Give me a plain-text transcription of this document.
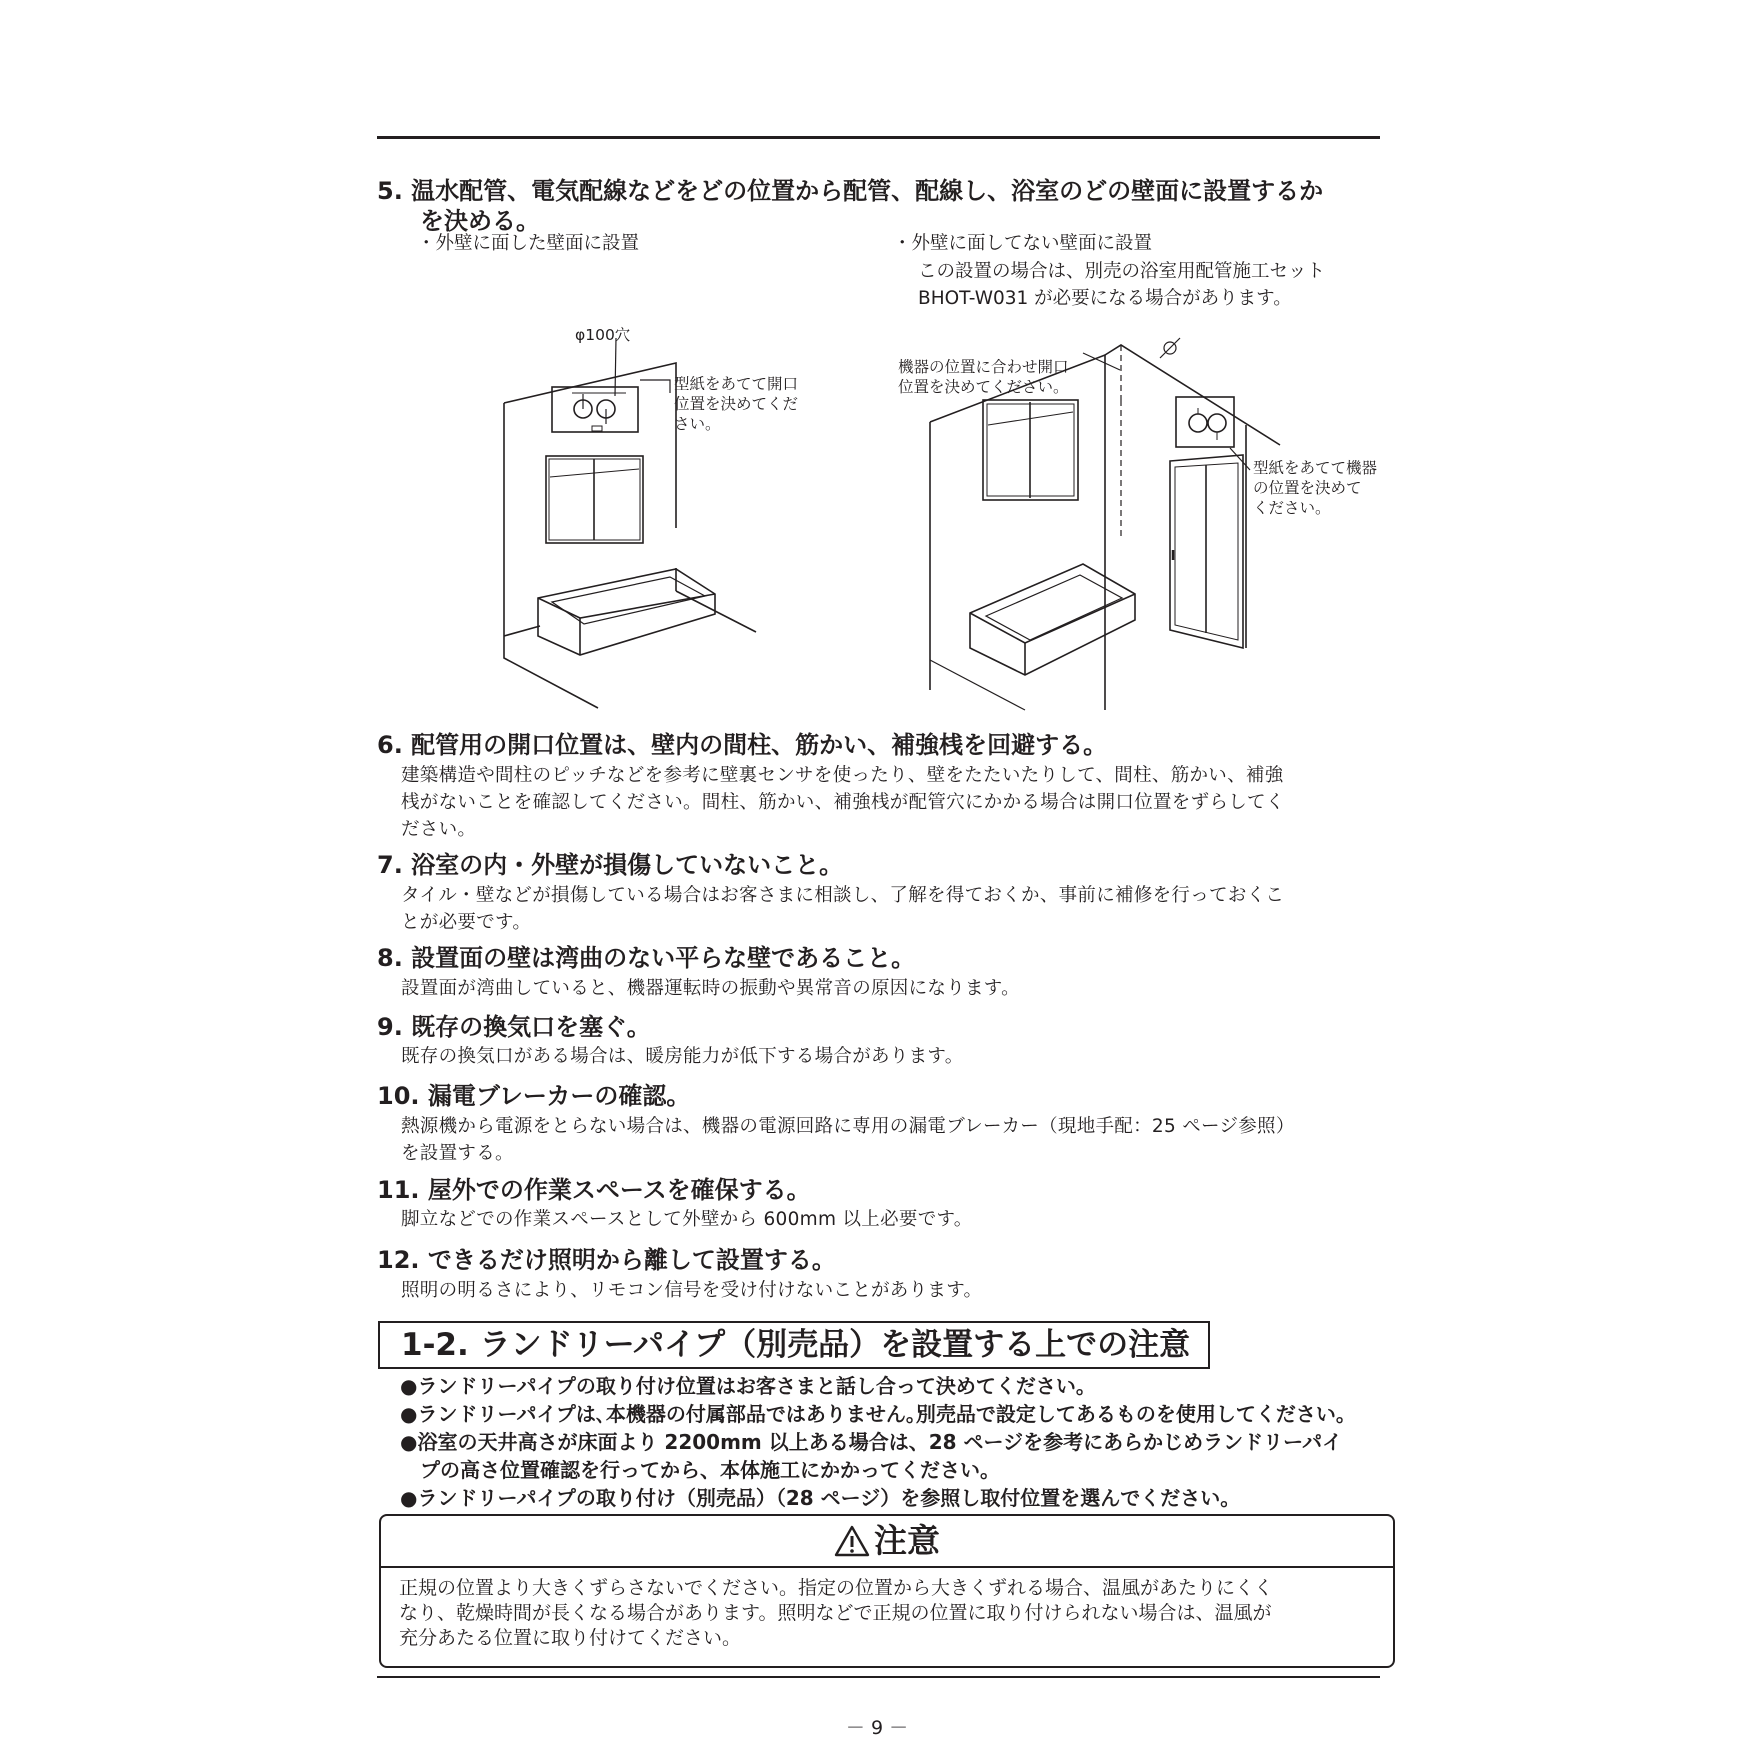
5. 温水配管、電気配線などをどの位置から配管、配線し、浴室のどの壁面に設置するか
を決める。
・外壁に面した壁面に設置	・外壁に面してない壁面に設置
この設置の場合は、別売の浴室用配管施工セット
BHOT-W031 が必要になる場合があります。
φ100穴
型紙をあてて開口
位置を決めてくだ
さい。
機器の位置に合わせ開口
位置を決めてください。
型紙をあてて機器
の位置を決めて
ください。
6. 配管用の開口位置は、壁内の間柱、筋かい、補強桟を回避する。
建築構造や間柱のピッチなどを参考に壁裏センサを使ったり、壁をたたいたりして、間柱、筋かい、補強
桟がないことを確認してください。間柱、筋かい、補強桟が配管穴にかかる場合は開口位置をずらしてく
ださい。
7. 浴室の内・外壁が損傷していないこと。
タイル・壁などが損傷している場合はお客さまに相談し、了解を得ておくか、事前に補修を行っておくこ
とが必要です。
8. 設置面の壁は湾曲のない平らな壁であること。
設置面が湾曲していると、機器運転時の振動や異常音の原因になります。
9. 既存の換気口を塞ぐ。
既存の換気口がある場合は、暖房能力が低下する場合があります。
10. 漏電ブレーカーの確認。
熱源機から電源をとらない場合は、機器の電源回路に専用の漏電ブレーカー（現地手配：25 ページ参照）
を設置する。
11. 屋外での作業スペースを確保する。
脚立などでの作業スペースとして外壁から 600mm 以上必要です。
12. できるだけ照明から離して設置する。
照明の明るさにより、リモコン信号を受け付けないことがあります。
1-2. ランドリーパイプ（別売品）を設置する上での注意
●ランドリーパイプの取り付け位置はお客さまと話し合って決めてください。
●ランドリーパイプは､本機器の付属部品ではありません｡別売品で設定してあるものを使用してください｡
●浴室の天井高さが床面より 2200mm 以上ある場合は、28 ページを参考にあらかじめランドリーパイ
　プの高さ位置確認を行ってから、本体施工にかかってください。
●ランドリーパイプの取り付け（別売品）（28 ページ）を参照し取付位置を選んでください。
注意
正規の位置より大きくずらさないでください。指定の位置から大きくずれる場合、温風があたりにくく
なり、乾燥時間が長くなる場合があります。照明などで正規の位置に取り付けられない場合は、温風が
充分あたる位置に取り付けてください。
－ 9 －
